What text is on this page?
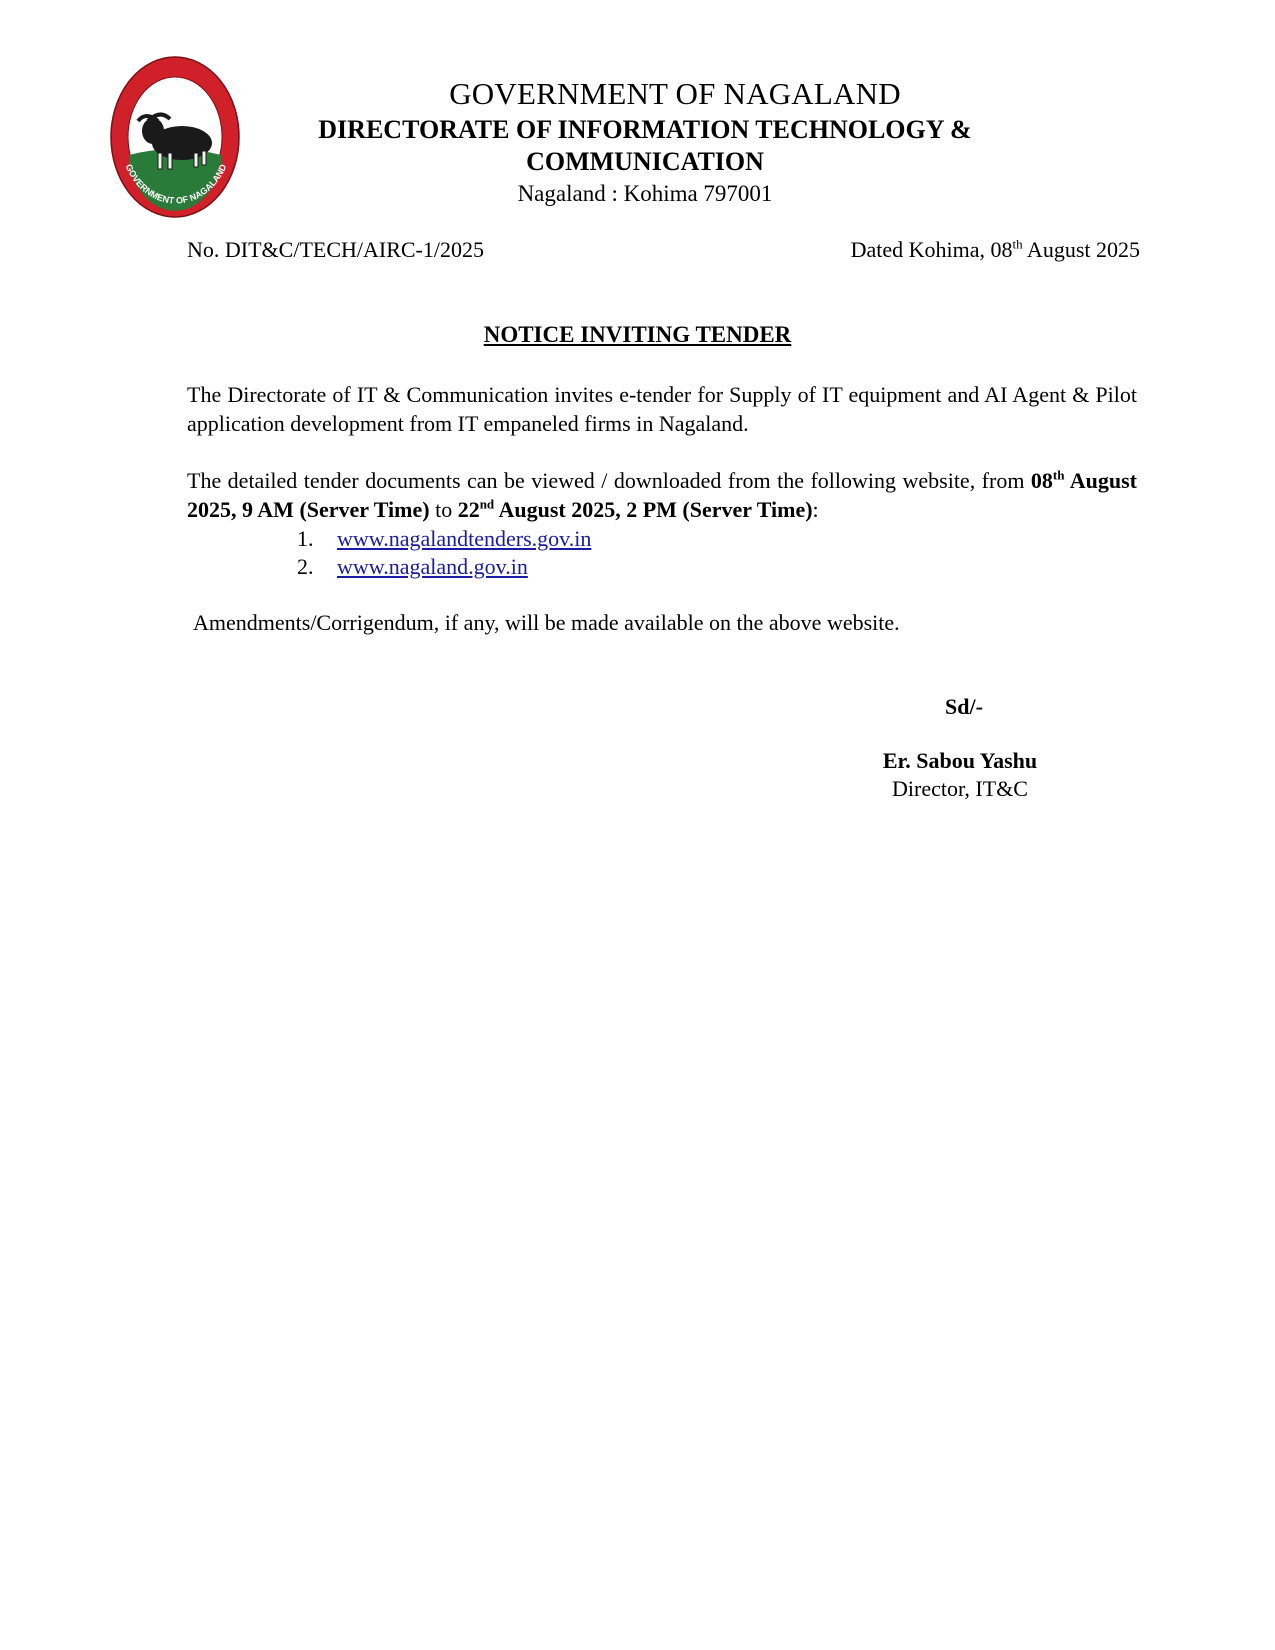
UNITY
GOVERNMENT OF NAGALAND
GOVERNMENT OF NAGALAND
DIRECTORATE OF INFORMATION TECHNOLOGY &
COMMUNICATION
Nagaland : Kohima 797001
No. DIT&C/TECH/AIRC-1/2025	Dated Kohima, 08th August 2025
NOTICE INVITING TENDER
The Directorate of IT & Communication invites e-tender for Supply of IT equipment and AI Agent & Pilot application development from IT empaneled firms in Nagaland.
The detailed tender documents can be viewed / downloaded from the following website, from 08th August 2025, 9 AM (Server Time) to 22nd August 2025, 2 PM (Server Time):
1. www.nagalandtenders.gov.in
2. www.nagaland.gov.in
Amendments/Corrigendum, if any, will be made available on the above website.
Sd/-
Er. Sabou Yashu
Director, IT&C
